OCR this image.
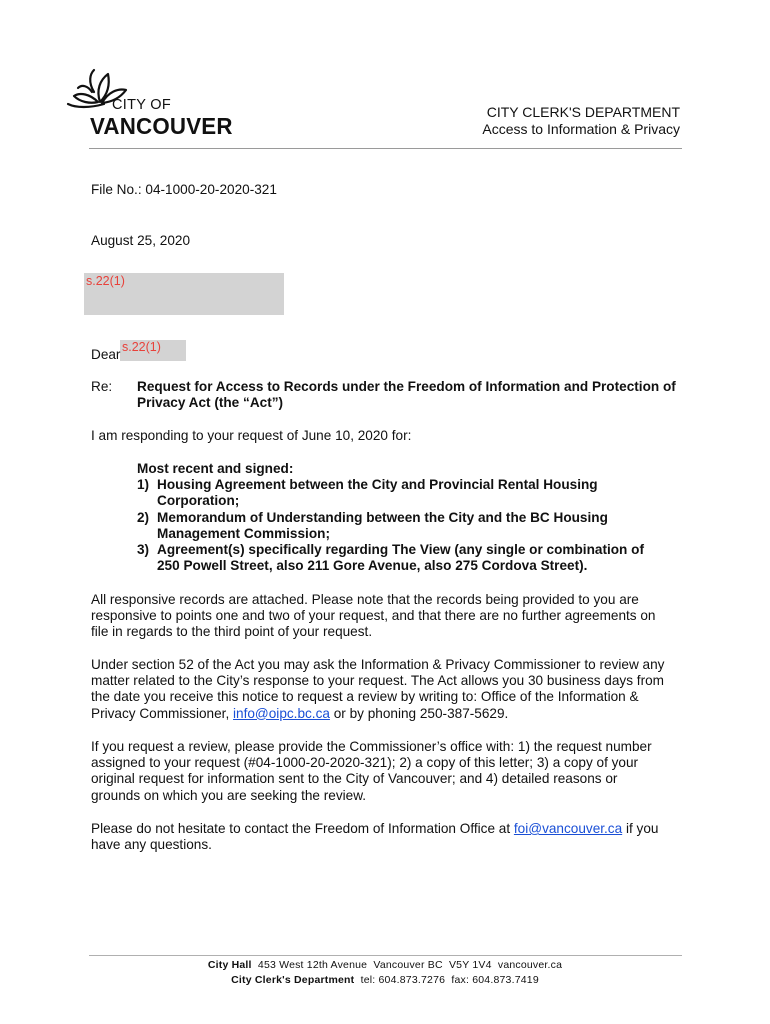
CITY OF
VANCOUVER
CITY CLERK'S DEPARTMENT
Access to Information & Privacy
File No.: 04-1000-20-2020-321
August 25, 2020
s.22(1)
Dear s.22(1)
Re: Request for Access to Records under the Freedom of Information and Protection of Privacy Act (the “Act”)
I am responding to your request of June 10, 2020 for:
Most recent and signed:
1) Housing Agreement between the City and Provincial Rental Housing
Corporation;
2) Memorandum of Understanding between the City and the BC Housing
Management Commission;
3) Agreement(s) specifically regarding The View (any single or combination of
250 Powell Street, also 211 Gore Avenue, also 275 Cordova Street).
All responsive records are attached. Please note that the records being provided to you are
responsive to points one and two of your request, and that there are no further agreements on
file in regards to the third point of your request.
Under section 52 of the Act you may ask the Information & Privacy Commissioner to review any
matter related to the City’s response to your request. The Act allows you 30 business days from
the date you receive this notice to request a review by writing to: Office of the Information &
Privacy Commissioner, info@oipc.bc.ca or by phoning 250-387-5629.
If you request a review, please provide the Commissioner’s office with: 1) the request number
assigned to your request (#04-1000-20-2020-321); 2) a copy of this letter; 3) a copy of your
original request for information sent to the City of Vancouver; and 4) detailed reasons or
grounds on which you are seeking the review.
Please do not hesitate to contact the Freedom of Information Office at foi@vancouver.ca if you
have any questions.
City Hall  453 West 12th Avenue  Vancouver BC  V5Y 1V4  vancouver.ca
City Clerk's Department  tel: 604.873.7276  fax: 604.873.7419
